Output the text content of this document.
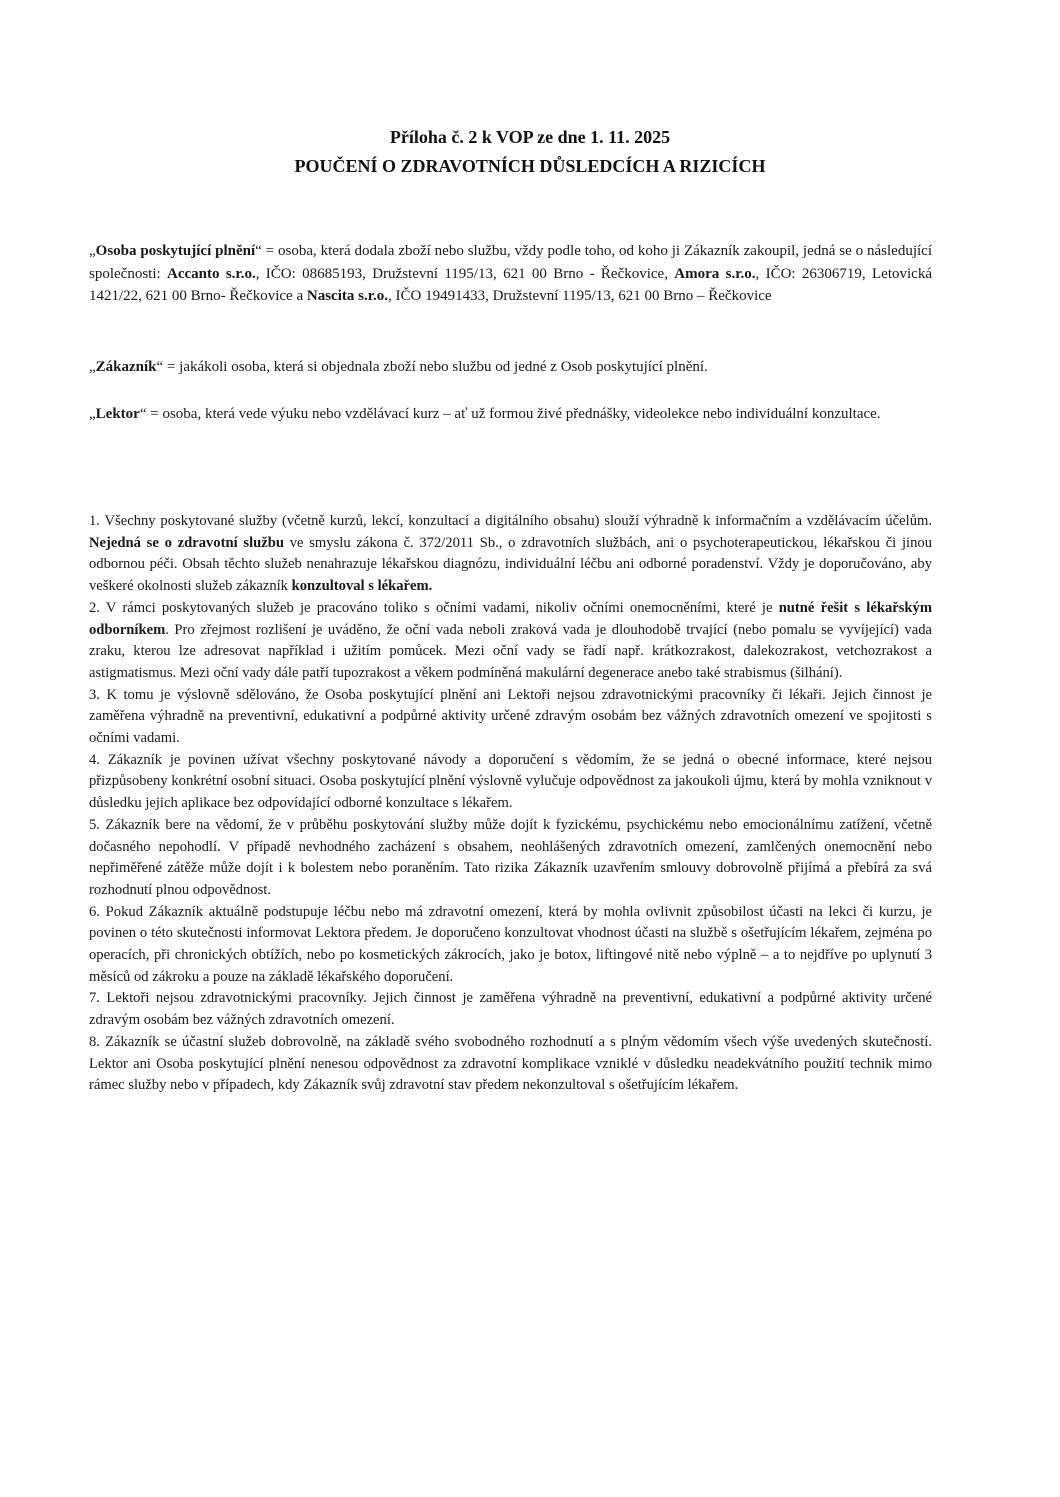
Příloha č. 2 k VOP ze dne 1. 11. 2025
POUČENÍ O ZDRAVOTNÍCH DŮSLEDCÍCH A RIZICÍCH

„Osoba poskytující plnění“ = osoba, která dodala zboží nebo službu, vždy podle toho, od koho ji Zákazník zakoupil, jedná se o následující společnosti: Accanto s.r.o., IČO: 08685193, Družstevní 1195/13, 621 00 Brno - Řečkovice, Amora s.r.o., IČO: 26306719, Letovická 1421/22, 621 00 Brno- Řečkovice a Nascita s.r.o., IČO 19491433, Družstevní 1195/13, 621 00 Brno – Řečkovice

„Zákazník“ = jakákoli osoba, která si objednala zboží nebo službu od jedné z Osob poskytující plnění.

„Lektor“ = osoba, která vede výuku nebo vzdělávací kurz – ať už formou živé přednášky, videolekce nebo individuální konzultace.

1. Všechny poskytované služby (včetně kurzů, lekcí, konzultací a digitálního obsahu) slouží výhradně k informačním a vzdělávacím účelům. Nejedná se o zdravotní službu ve smyslu zákona č. 372/2011 Sb., o zdravotních službách, ani o psychoterapeutickou, lékařskou či jinou odbornou péči. Obsah těchto služeb nenahrazuje lékařskou diagnózu, individuální léčbu ani odborné poradenství. Vždy je doporučováno, aby veškeré okolnosti služeb zákazník konzultoval s lékařem.

2. V rámci poskytovaných služeb je pracováno toliko s očními vadami, nikoliv očními onemocněními, které je nutné řešit s lékařským odborníkem. Pro zřejmost rozlišení je uváděno, že oční vada neboli zraková vada je dlouhodobě trvající (nebo pomalu se vyvíjející) vada zraku, kterou lze adresovat například i užitím pomůcek. Mezi oční vady se řadí např. krátkozrakost, dalekozrakost, vetchozrakost a astigmatismus. Mezi oční vady dále patří tupozrakost a věkem podmíněná makulární degenerace anebo také strabismus (šilhání).

3. K tomu je výslovně sdělováno, že Osoba poskytující plnění ani Lektoři nejsou zdravotnickými pracovníky či lékaři. Jejich činnost je zaměřena výhradně na preventivní, edukativní a podpůrné aktivity určené zdravým osobám bez vážných zdravotních omezení ve spojitosti s očními vadami.

4. Zákazník je povinen užívat všechny poskytované návody a doporučení s vědomím, že se jedná o obecné informace, které nejsou přizpůsobeny konkrétní osobní situaci. Osoba poskytující plnění výslovně vylučuje odpovědnost za jakoukoli újmu, která by mohla vzniknout v důsledku jejich aplikace bez odpovídající odborné konzultace s lékařem.

5. Zákazník bere na vědomí, že v průběhu poskytování služby může dojít k fyzickému, psychickému nebo emocionálnímu zatížení, včetně dočasného nepohodlí. V případě nevhodného zacházení s obsahem, neohlášených zdravotních omezení, zamlčených onemocnění nebo nepřiměřené zátěže může dojít i k bolestem nebo poraněním. Tato rizika Zákazník uzavřením smlouvy dobrovolně přijímá a přebírá za svá rozhodnutí plnou odpovědnost.

6. Pokud Zákazník aktuálně podstupuje léčbu nebo má zdravotní omezení, která by mohla ovlivnit způsobilost účasti na lekci či kurzu, je povinen o této skutečnosti informovat Lektora předem. Je doporučeno konzultovat vhodnost účasti na službě s ošetřujícím lékařem, zejména po operacích, při chronických obtížích, nebo po kosmetických zákrocích, jako je botox, liftingové nitě nebo výplně – a to nejdříve po uplynutí 3 měsíců od zákroku a pouze na základě lékařského doporučení.

7. Lektoři nejsou zdravotnickými pracovníky. Jejich činnost je zaměřena výhradně na preventivní, edukativní a podpůrné aktivity určené zdravým osobám bez vážných zdravotních omezení.

8. Zákazník se účastní služeb dobrovolně, na základě svého svobodného rozhodnutí a s plným vědomím všech výše uvedených skutečností. Lektor ani Osoba poskytující plnění nenesou odpovědnost za zdravotní komplikace vzniklé v důsledku neadekvátního použití technik mimo rámec služby nebo v případech, kdy Zákazník svůj zdravotní stav předem nekonzultoval s ošetřujícím lékařem.
